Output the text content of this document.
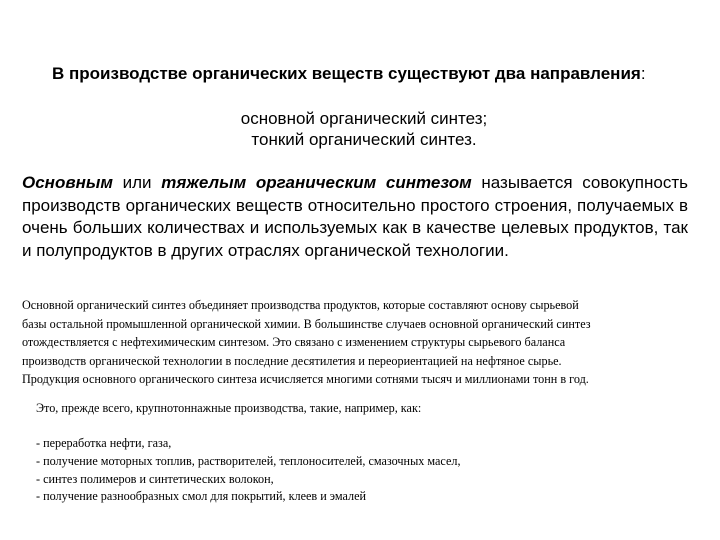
В производстве органических веществ существуют два направления:
основной органический синтез;
тонкий органический синтез.
Основным или тяжелым органическим синтезом называется совокупность производств органических веществ относительно простого строения, получаемых в очень больших количествах и используемых как в качестве целевых продуктов, так и полупродуктов в других отраслях органической технологии.
Основной органический синтез объединяет производства продуктов, которые составляют основу сырьевой
базы остальной промышленной органической химии. В большинстве случаев основной органический синтез
отождествляется с нефтехимическим синтезом. Это связано с изменением структуры сырьевого баланса
производств органической технологии в последние десятилетия и переориентацией на нефтяное сырье.
Продукция основного органического синтеза исчисляется многими сотнями тысяч и миллионами тонн в год.
Это, прежде всего, крупнотоннажные производства, такие, например, как:
- переработка нефти, газа,
- получение моторных топлив, растворителей, теплоносителей, смазочных масел,
- синтез полимеров и синтетических волокон,
- получение разнообразных смол для покрытий, клеев и эмалей
